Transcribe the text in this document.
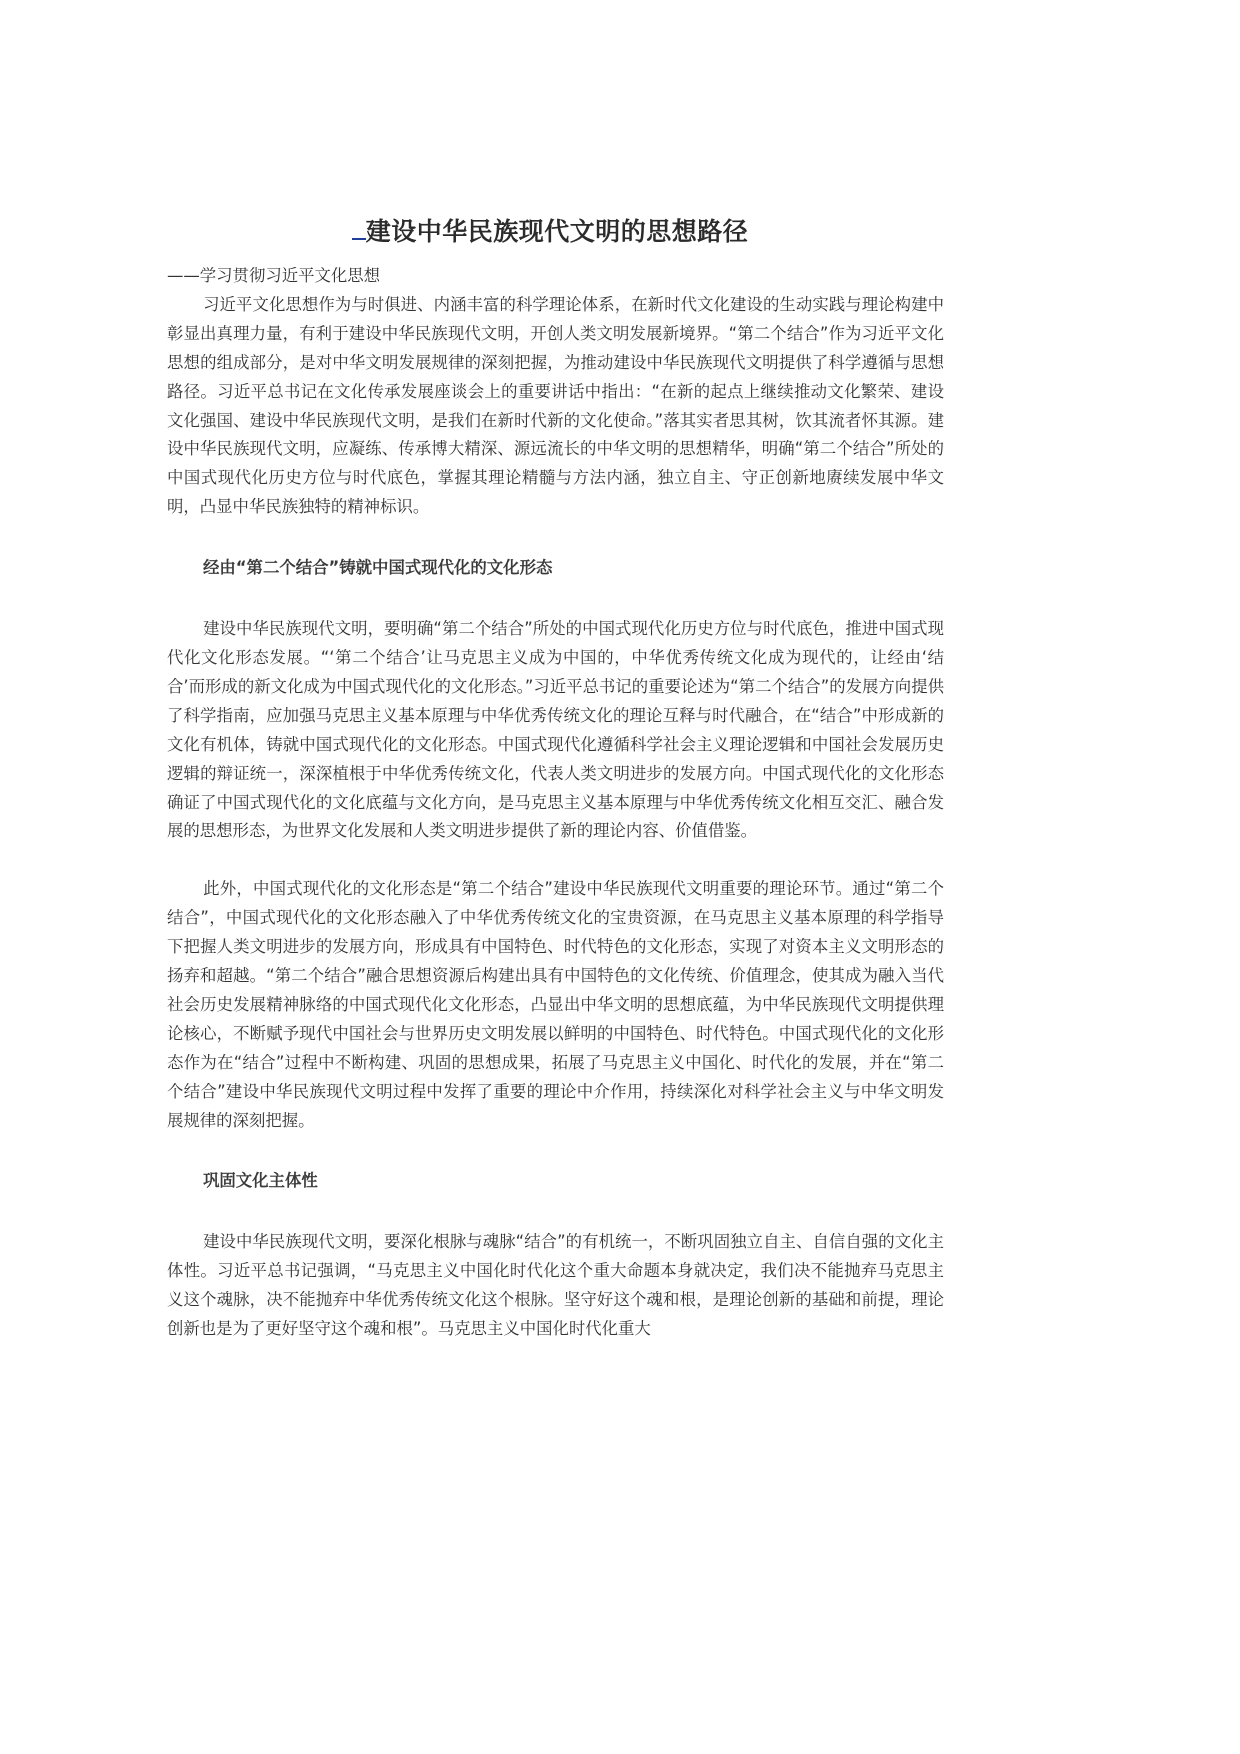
建设中华民族现代文明的思想路径

——学习贯彻习近平文化思想

习近平文化思想作为与时俱进、内涵丰富的科学理论体系，在新时代文化建设的生动实践与理论构建中彰显出真理力量，有利于建设中华民族现代文明，开创人类文明发展新境界。“第二个结合”作为习近平文化思想的组成部分，是对中华文明发展规律的深刻把握，为推动建设中华民族现代文明提供了科学遵循与思想路径。习近平总书记在文化传承发展座谈会上的重要讲话中指出：“在新的起点上继续推动文化繁荣、建设文化强国、建设中华民族现代文明，是我们在新时代新的文化使命。”落其实者思其树，饮其流者怀其源。建设中华民族现代文明，应凝练、传承博大精深、源远流长的中华文明的思想精华，明确“第二个结合”所处的中国式现代化历史方位与时代底色，掌握其理论精髓与方法内涵，独立自主、守正创新地赓续发展中华文明，凸显中华民族独特的精神标识。

经由“第二个结合”铸就中国式现代化的文化形态

建设中华民族现代文明，要明确“第二个结合”所处的中国式现代化历史方位与时代底色，推进中国式现代化文化形态发展。“‘第二个结合’让马克思主义成为中国的，中华优秀传统文化成为现代的，让经由‘结合’而形成的新文化成为中国式现代化的文化形态。”习近平总书记的重要论述为“第二个结合”的发展方向提供了科学指南，应加强马克思主义基本原理与中华优秀传统文化的理论互释与时代融合，在“结合”中形成新的文化有机体，铸就中国式现代化的文化形态。中国式现代化遵循科学社会主义理论逻辑和中国社会发展历史逻辑的辩证统一，深深植根于中华优秀传统文化，代表人类文明进步的发展方向。中国式现代化的文化形态确证了中国式现代化的文化底蕴与文化方向，是马克思主义基本原理与中华优秀传统文化相互交汇、融合发展的思想形态，为世界文化发展和人类文明进步提供了新的理论内容、价值借鉴。

此外，中国式现代化的文化形态是“第二个结合”建设中华民族现代文明重要的理论环节。通过“第二个结合”，中国式现代化的文化形态融入了中华优秀传统文化的宝贵资源，在马克思主义基本原理的科学指导下把握人类文明进步的发展方向，形成具有中国特色、时代特色的文化形态，实现了对资本主义文明形态的扬弃和超越。“第二个结合”融合思想资源后构建出具有中国特色的文化传统、价值理念，使其成为融入当代社会历史发展精神脉络的中国式现代化文化形态，凸显出中华文明的思想底蕴，为中华民族现代文明提供理论核心，不断赋予现代中国社会与世界历史文明发展以鲜明的中国特色、时代特色。中国式现代化的文化形态作为在“结合”过程中不断构建、巩固的思想成果，拓展了马克思主义中国化、时代化的发展，并在“第二个结合”建设中华民族现代文明过程中发挥了重要的理论中介作用，持续深化对科学社会主义与中华文明发展规律的深刻把握。

巩固文化主体性

建设中华民族现代文明，要深化根脉与魂脉“结合”的有机统一，不断巩固独立自主、自信自强的文化主体性。习近平总书记强调，“马克思主义中国化时代化这个重大命题本身就决定，我们决不能抛弃马克思主义这个魂脉，决不能抛弃中华优秀传统文化这个根脉。坚守好这个魂和根，是理论创新的基础和前提，理论创新也是为了更好坚守这个魂和根”。马克思主义中国化时代化重大
